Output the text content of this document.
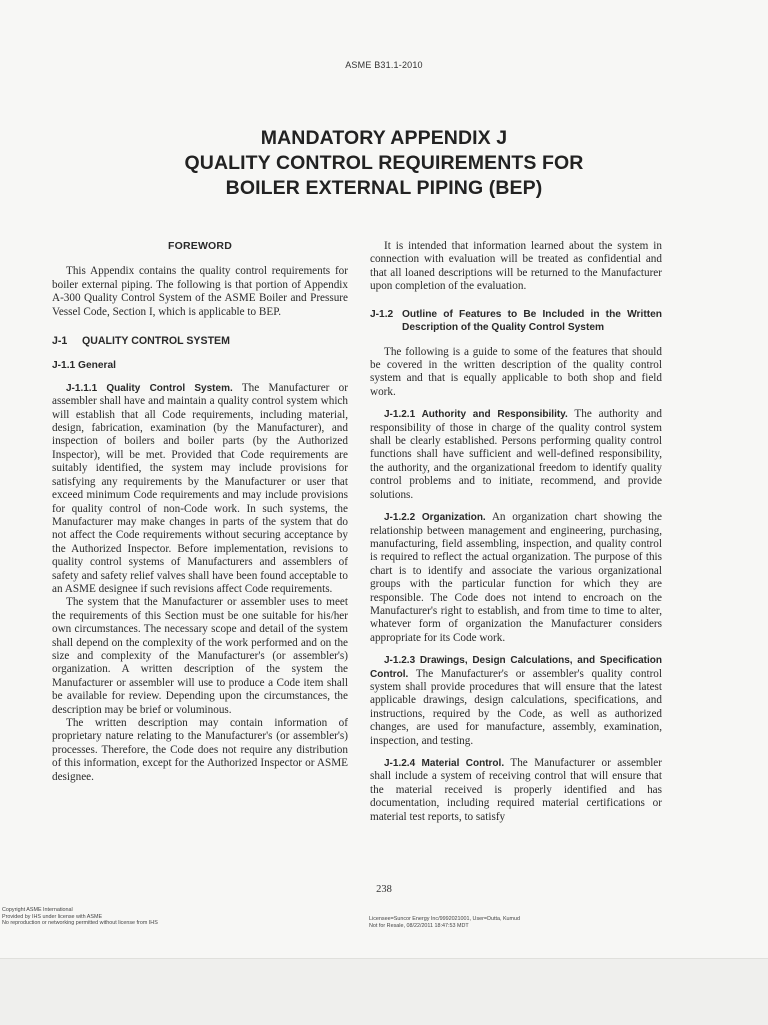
ASME B31.1-2010
MANDATORY APPENDIX J
QUALITY CONTROL REQUIREMENTS FOR
BOILER EXTERNAL PIPING (BEP)
FOREWORD

This Appendix contains the quality control requirements for boiler external piping. The following is that portion of Appendix A-300 Quality Control System of the ASME Boiler and Pressure Vessel Code, Section I, which is applicable to BEP.

J-1 QUALITY CONTROL SYSTEM
J-1.1 General

J-1.1.1 Quality Control System. The Manufacturer or assembler shall have and maintain a quality control system which will establish that all Code requirements, including material, design, fabrication, examination (by the Manufacturer), and inspection of boilers and boiler parts (by the Authorized Inspector), will be met. Provided that Code requirements are suitably identified, the system may include provisions for satisfying any requirements by the Manufacturer or user that exceed minimum Code requirements and may include provisions for quality control of non-Code work. In such systems, the Manufacturer may make changes in parts of the system that do not affect the Code requirements without securing acceptance by the Authorized Inspector. Before implementation, revisions to quality control systems of Manufacturers and assemblers of safety and safety relief valves shall have been found acceptable to an ASME designee if such revisions affect Code requirements.

The system that the Manufacturer or assembler uses to meet the requirements of this Section must be one suitable for his/her own circumstances. The necessary scope and detail of the system shall depend on the complexity of the work performed and on the size and complexity of the Manufacturer's (or assembler's) organization. A written description of the system the Manufacturer or assembler will use to produce a Code item shall be available for review. Depending upon the circumstances, the description may be brief or voluminous.

The written description may contain information of proprietary nature relating to the Manufacturer's (or assembler's) processes. Therefore, the Code does not require any distribution of this information, except for the Authorized Inspector or ASME designee.

It is intended that information learned about the system in connection with evaluation will be treated as confidential and that all loaned descriptions will be returned to the Manufacturer upon completion of the evaluation.

J-1.2 Outline of Features to Be Included in the Written Description of the Quality Control System

The following is a guide to some of the features that should be covered in the written description of the quality control system and that is equally applicable to both shop and field work.

J-1.2.1 Authority and Responsibility. The authority and responsibility of those in charge of the quality control system shall be clearly established. Persons performing quality control functions shall have sufficient and well-defined responsibility, the authority, and the organizational freedom to identify quality control problems and to initiate, recommend, and provide solutions.

J-1.2.2 Organization. An organization chart showing the relationship between management and engineering, purchasing, manufacturing, field assembling, inspection, and quality control is required to reflect the actual organization. The purpose of this chart is to identify and associate the various organizational groups with the particular function for which they are responsible. The Code does not intend to encroach on the Manufacturer's right to establish, and from time to time to alter, whatever form of organization the Manufacturer considers appropriate for its Code work.

J-1.2.3 Drawings, Design Calculations, and Specification Control. The Manufacturer's or assembler's quality control system shall provide procedures that will ensure that the latest applicable drawings, design calculations, specifications, and instructions, required by the Code, as well as authorized changes, are used for manufacture, assembly, examination, inspection, and testing.

J-1.2.4 Material Control. The Manufacturer or assembler shall include a system of receiving control that will ensure that the material received is properly identified and has documentation, including required material certifications or material test reports, to satisfy

238
Copyright ASME International
Provided by IHS under license with ASME
No reproduction or networking permitted without license from IHS
Licensee=Suncor Energy Inc/9992021001, User=Dutta, Kumud
Not for Resale, 08/22/2011 18:47:53 MDT
